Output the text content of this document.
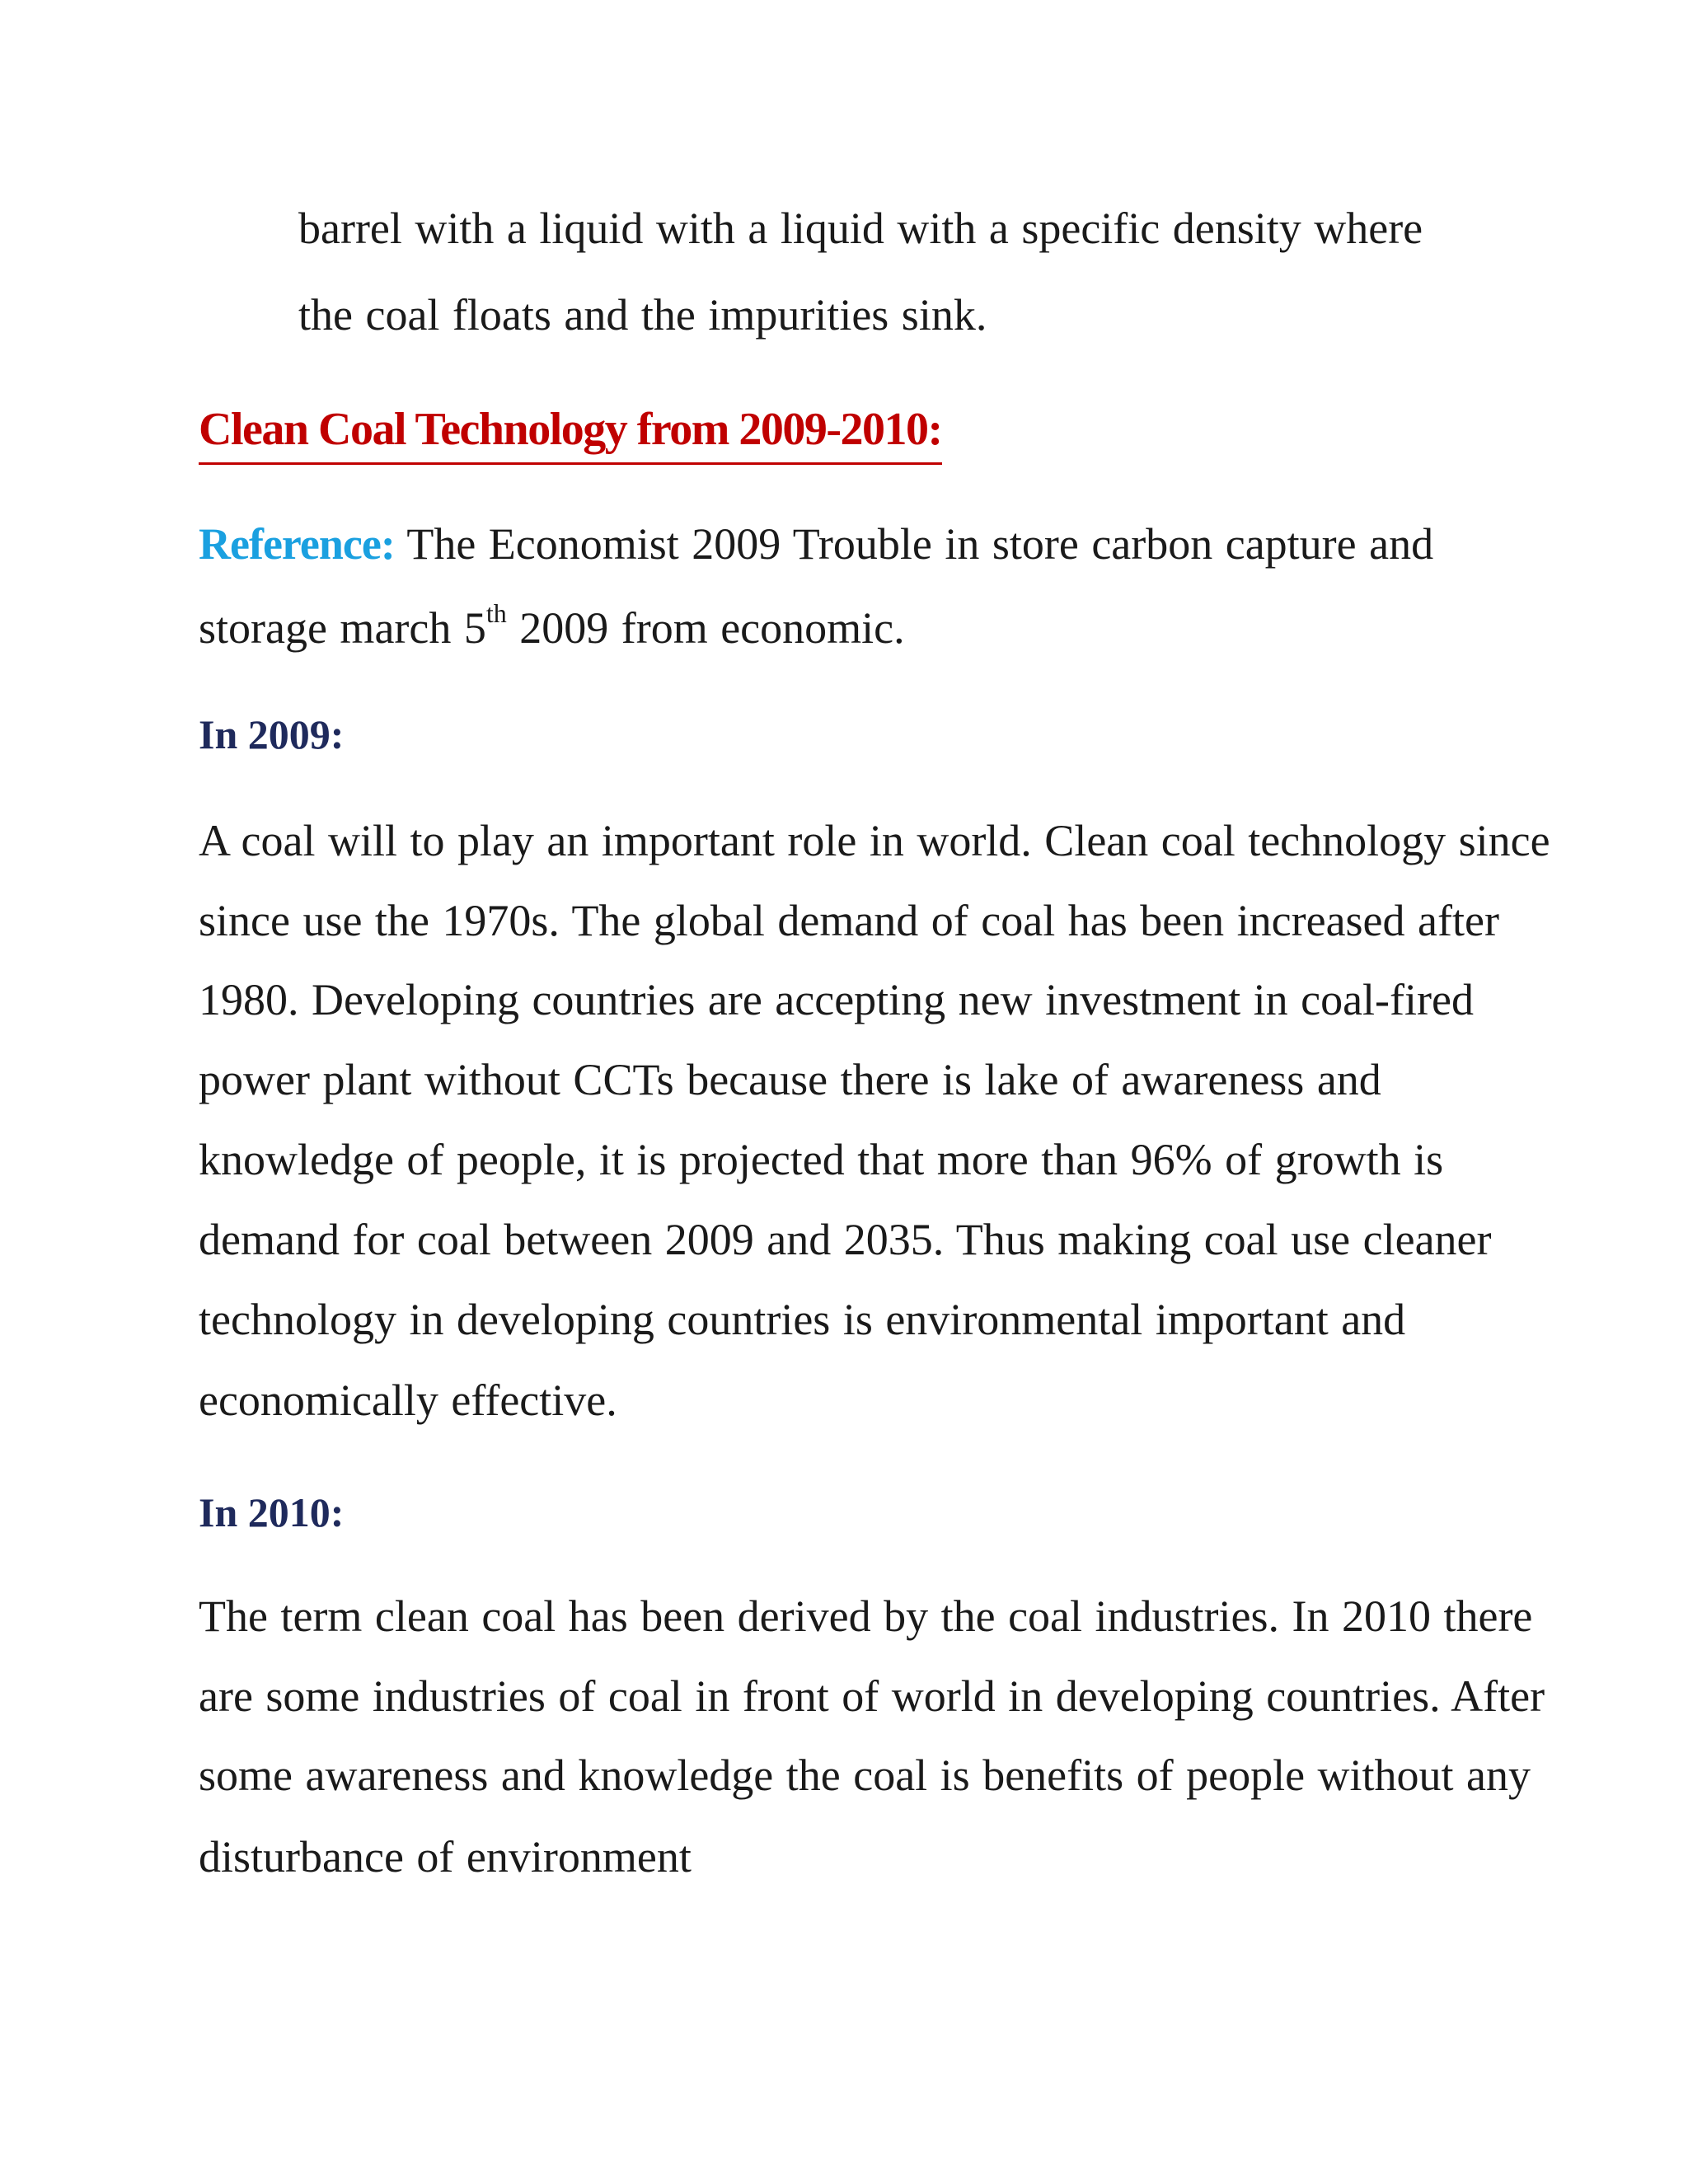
barrel with a liquid with a liquid with a specific density where
the coal floats and the impurities sink.
Clean Coal Technology from 2009-2010:
Reference: The Economist 2009 Trouble in store carbon capture and
storage march 5th 2009 from economic.
In 2009:
A coal will to play an important role in world. Clean coal technology since
since use the 1970s. The global demand of coal has been increased after
1980. Developing countries are accepting new investment in coal-fired
power plant without CCTs because there is lake of awareness and
knowledge of people, it is projected that more than 96% of growth is
demand for coal between 2009 and 2035. Thus making coal use cleaner
technology in developing countries is environmental important and
economically effective.
In 2010:
The term clean coal has been derived by the coal industries. In 2010 there
are some industries of coal in front of world in developing countries. After
some awareness and knowledge the coal is benefits of people without any
disturbance of environment
